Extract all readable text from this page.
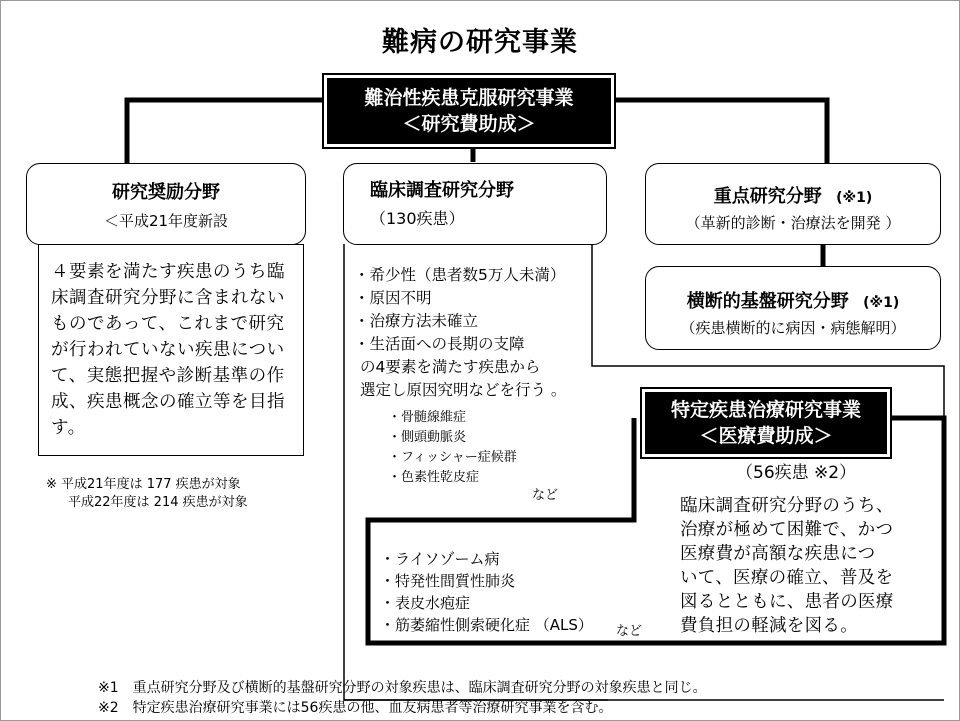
難病の研究事業
難治性疾患克服研究事業
＜研究費助成＞
研究奨励分野
＜平成21年度新設
４要素を満たす疾患のうち臨
床調査研究分野に含まれない
ものであって、これまで研究
が行われていない疾患につい
て、実態把握や診断基準の作
成、疾患概念の確立等を目指
す。
※ 平成21年度は 177 疾患が対象
平成22年度は 214 疾患が対象
臨床調査研究分野
（130疾患）
・希少性（患者数5万人未満）
・原因不明
・治療方法未確立
・生活面への長期の支障
の4要素を満たす疾患から
選定し原因究明などを行う 。
・骨髄線維症
・側頭動脈炎
・フィッシャー症候群
・色素性乾皮症
など
重点研究分野 (※1)
（革新的診断・治療法を開発 ）
横断的基盤研究分野 (※1)
（疾患横断的に病因・病態解明）
特定疾患治療研究事業
＜医療費助成＞
（56疾患 ※2）
臨床調査研究分野のうち、
治療が極めて困難で、かつ
医療費が高額な疾患につ
いて、医療の確立、普及を
図るとともに、患者の医療
費負担の軽減を図る。
・ライソゾーム病
・特発性間質性肺炎
・表皮水疱症
・筋萎縮性側索硬化症 （ALS）	など
※1　重点研究分野及び横断的基盤研究分野の対象疾患は、臨床調査研究分野の対象疾患と同じ。
※2　特定疾患治療研究事業には56疾患の他、血友病患者等治療研究事業を含む。
